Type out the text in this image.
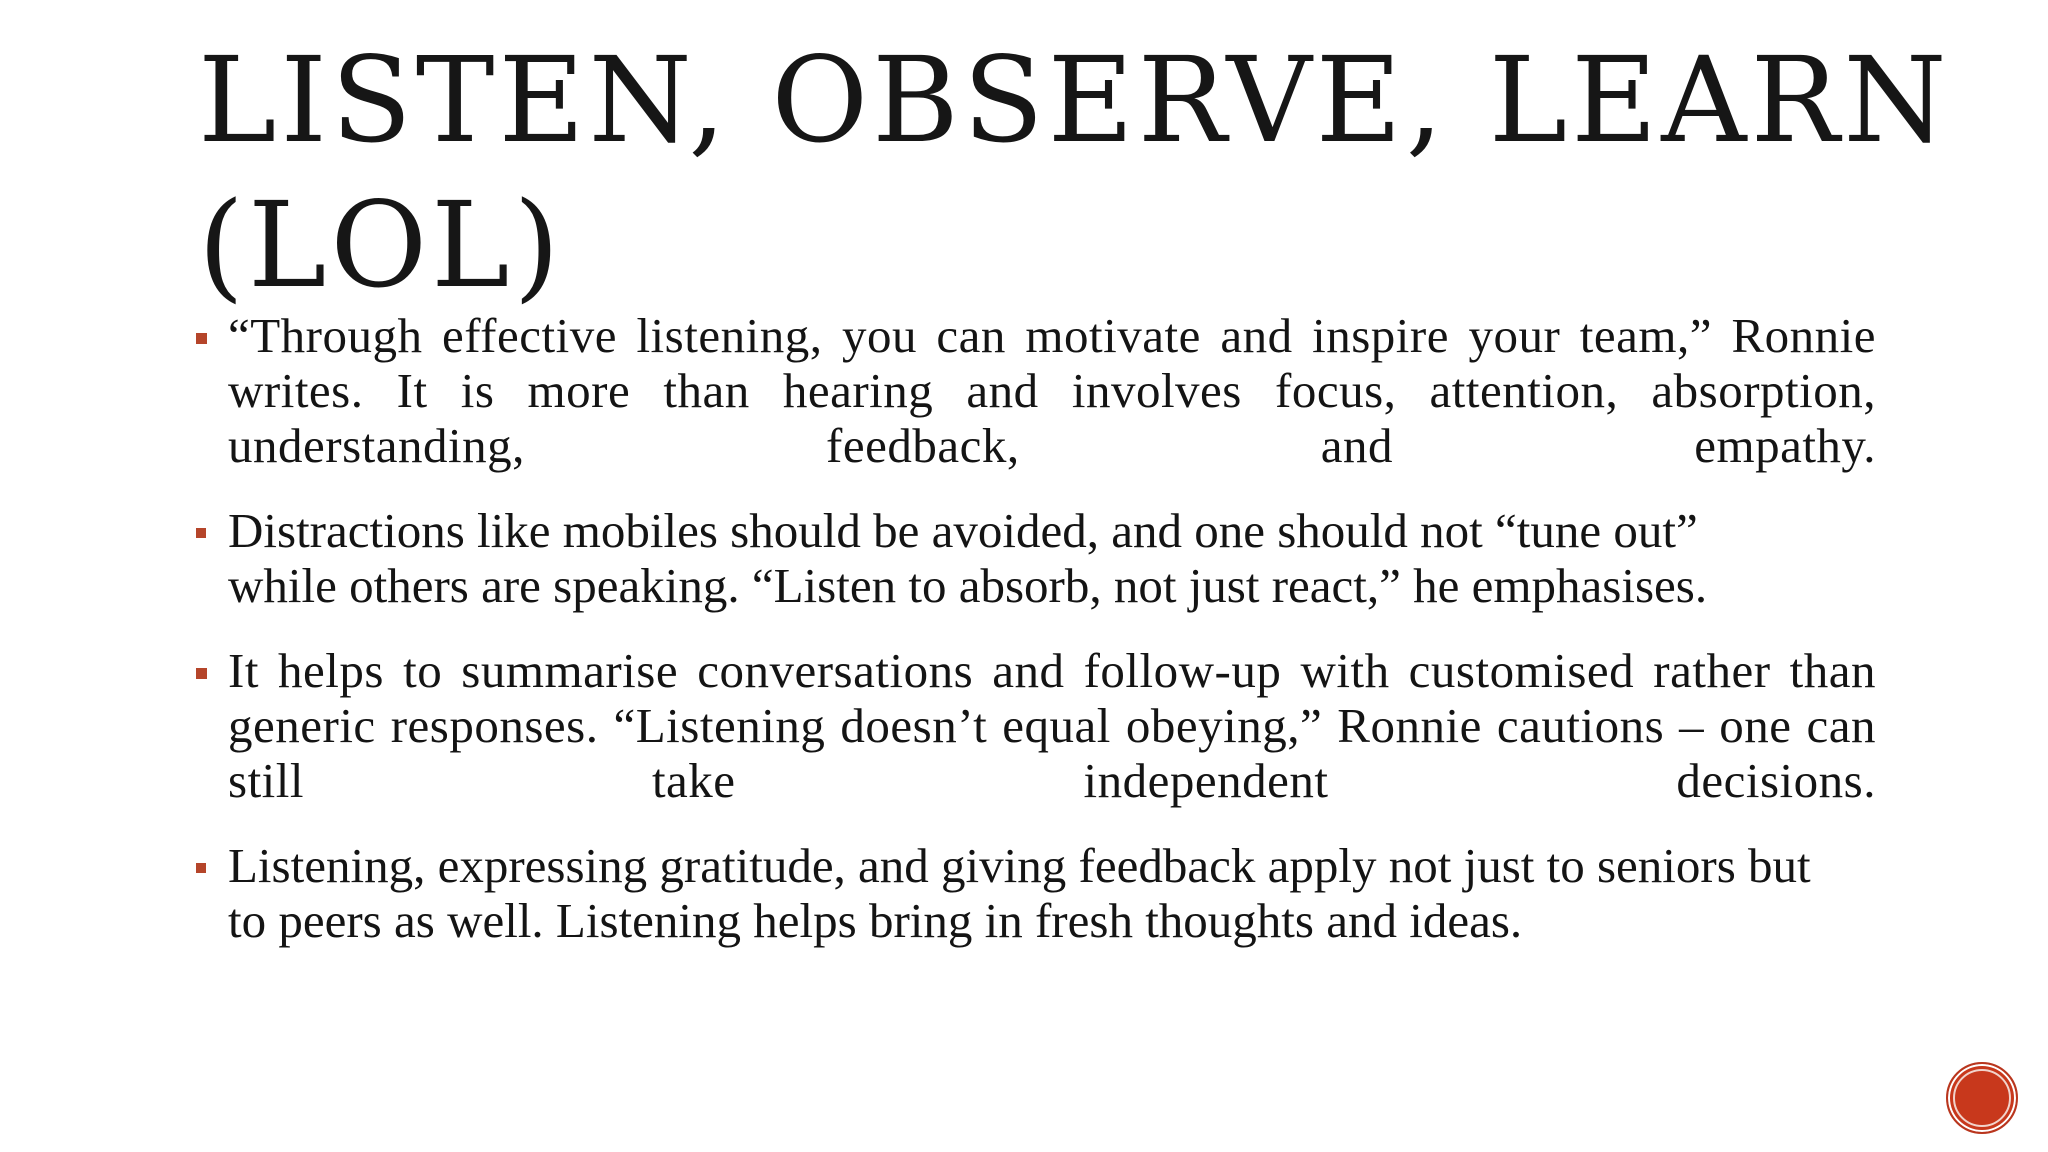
LISTEN, OBSERVE, LEARN
(LOL)
“Through effective listening, you can motivate and inspire your team,” Ronnie writes. It is more than hearing and involves focus, attention, absorption, understanding, feedback, and empathy.
Distractions like mobiles should be avoided, and one should not “tune out” while others are speaking. “Listen to absorb, not just react,” he emphasises.
It helps to summarise conversations and follow-up with customised rather than generic responses. “Listening doesn’t equal obeying,” Ronnie cautions – one can still take independent decisions.
Listening, expressing gratitude, and giving feedback apply not just to seniors but to peers as well. Listening helps bring in fresh thoughts and ideas.
